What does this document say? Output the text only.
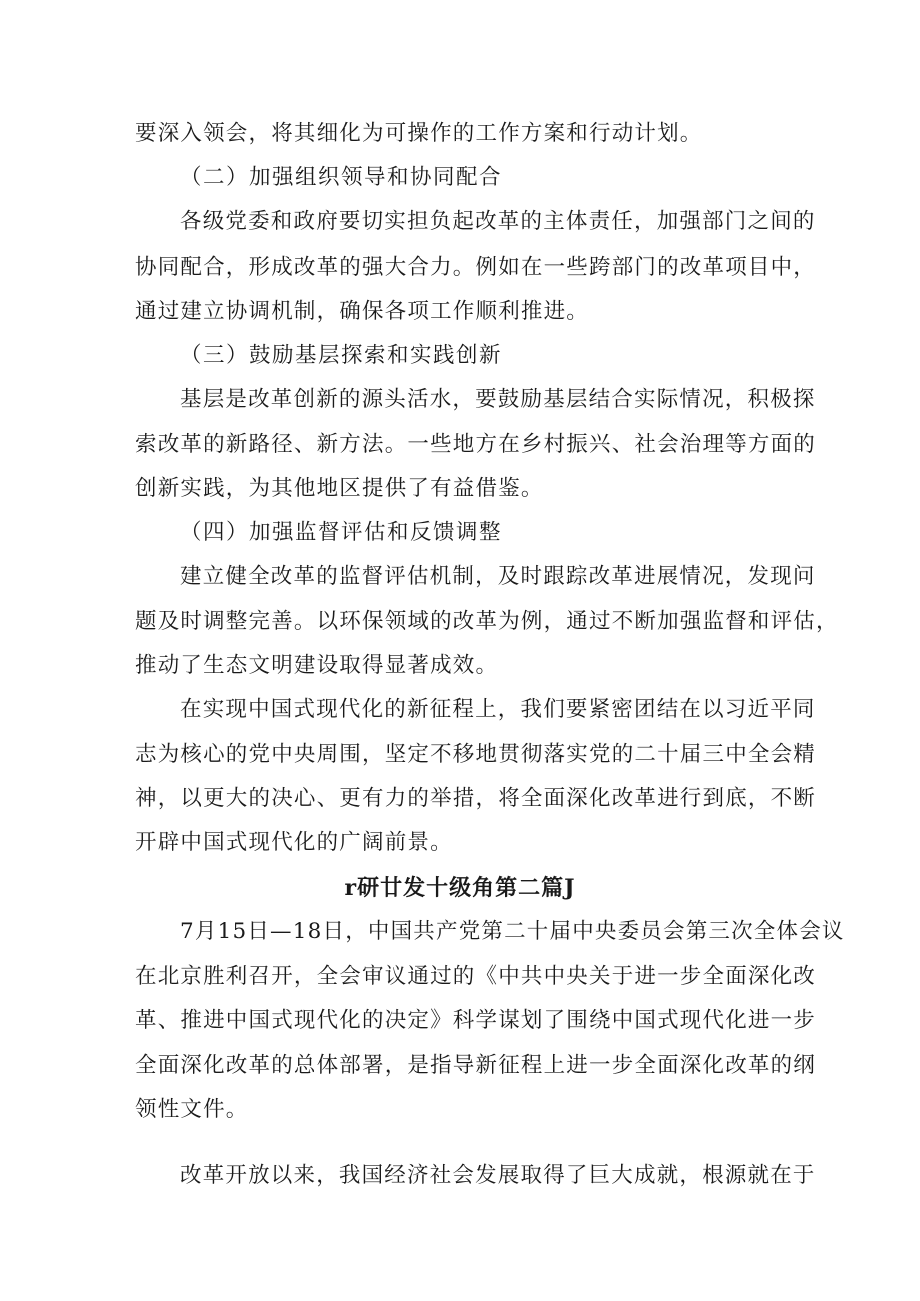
要深入领会，将其细化为可操作的工作方案和行动计划。
（二）加强组织领导和协同配合
各级党委和政府要切实担负起改革的主体责任，加强部门之间的
协同配合，形成改革的强大合力。例如在一些跨部门的改革项目中，
通过建立协调机制，确保各项工作顺利推进。
（三）鼓励基层探索和实践创新
基层是改革创新的源头活水，要鼓励基层结合实际情况，积极探
索改革的新路径、新方法。一些地方在乡村振兴、社会治理等方面的
创新实践，为其他地区提供了有益借鉴。
（四）加强监督评估和反馈调整
建立健全改革的监督评估机制，及时跟踪改革进展情况，发现问
题及时调整完善。以环保领域的改革为例，通过不断加强监督和评估，
推动了生态文明建设取得显著成效。
在实现中国式现代化的新征程上，我们要紧密团结在以习近平同
志为核心的党中央周围，坚定不移地贯彻落实党的二十届三中全会精
神，以更大的决心、更有力的举措，将全面深化改革进行到底，不断
开辟中国式现代化的广阔前景。
r研廿发十级角第二篇J
7月15日—18日，中国共产党第二十届中央委员会第三次全体会议
在北京胜利召开，全会审议通过的《中共中央关于进一步全面深化改
革、推进中国式现代化的决定》科学谋划了围绕中国式现代化进一步
全面深化改革的总体部署，是指导新征程上进一步全面深化改革的纲
领性文件。
改革开放以来，我国经济社会发展取得了巨大成就，根源就在于
